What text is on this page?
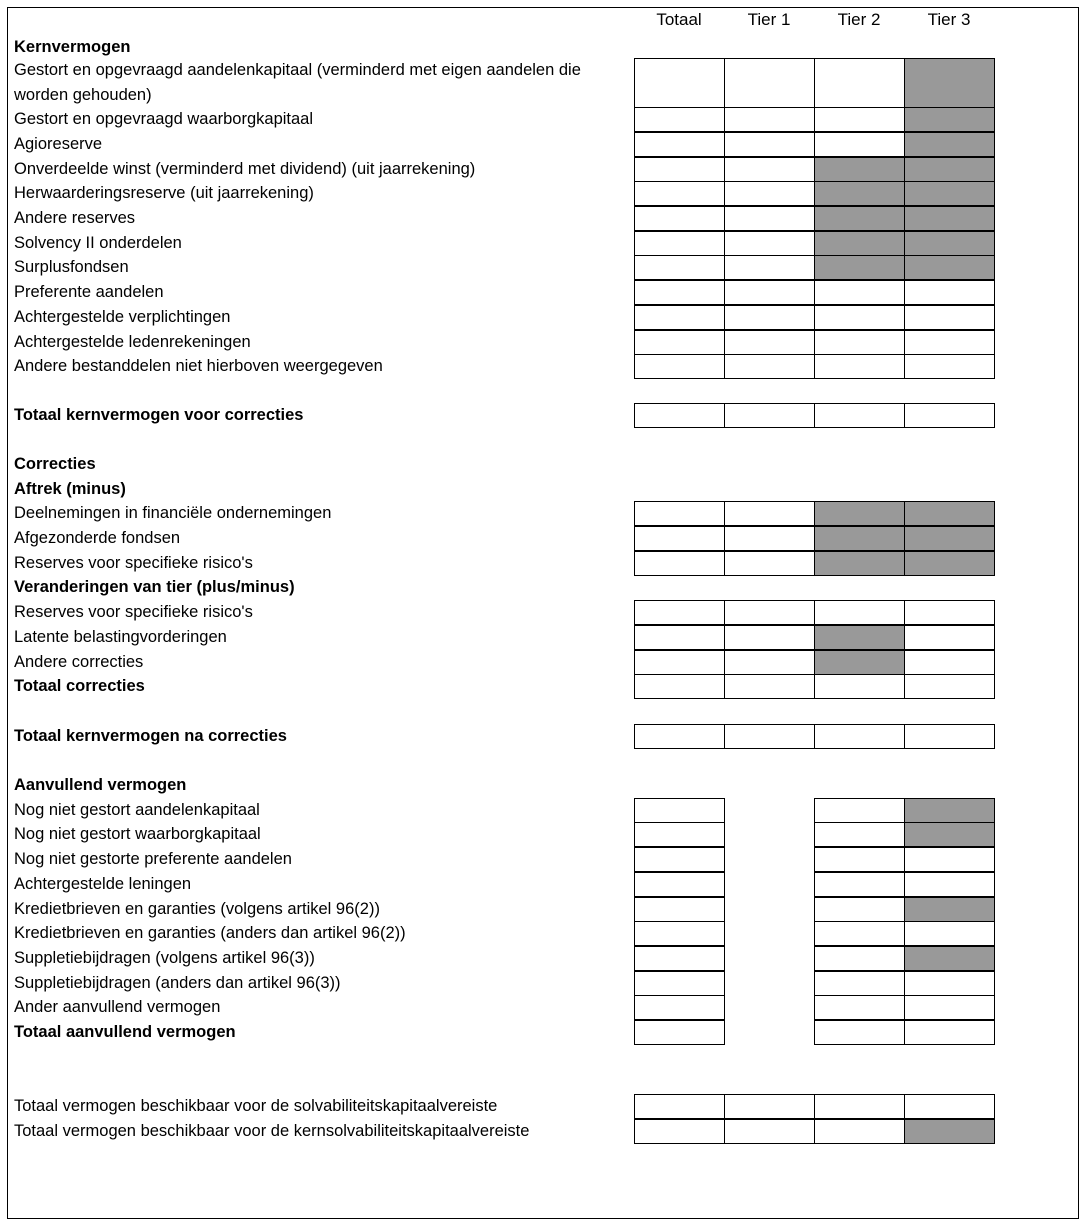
Totaal	Tier 1	Tier 2	Tier 3
Kernvermogen
Gestort en opgevraagd aandelenkapitaal (verminderd met eigen aandelen die worden gehouden)
Gestort en opgevraagd waarborgkapitaal
Agioreserve
Onverdeelde winst (verminderd met dividend) (uit jaarrekening)
Herwaarderingsreserve (uit jaarrekening)
Andere reserves
Solvency II onderdelen
Surplusfondsen
Preferente aandelen
Achtergestelde verplichtingen
Achtergestelde ledenrekeningen
Andere bestanddelen niet hierboven weergegeven
Totaal kernvermogen voor correcties
Correcties
Aftrek (minus)
Deelnemingen in financiële ondernemingen
Afgezonderde fondsen
Reserves voor specifieke risico's
Veranderingen van tier (plus/minus)
Reserves voor specifieke risico's
Latente belastingvorderingen
Andere correcties
Totaal correcties
Totaal kernvermogen na correcties
Aanvullend vermogen
Nog niet gestort aandelenkapitaal
Nog niet gestort waarborgkapitaal
Nog niet gestorte preferente aandelen
Achtergestelde leningen
Kredietbrieven en garanties (volgens artikel 96(2))
Kredietbrieven en garanties (anders dan artikel 96(2))
Suppletiebijdragen (volgens artikel 96(3))
Suppletiebijdragen (anders dan artikel 96(3))
Ander aanvullend vermogen
Totaal aanvullend vermogen
Totaal vermogen beschikbaar voor de solvabiliteitskapitaalvereiste
Totaal vermogen beschikbaar voor de kernsolvabiliteitskapitaalvereiste
